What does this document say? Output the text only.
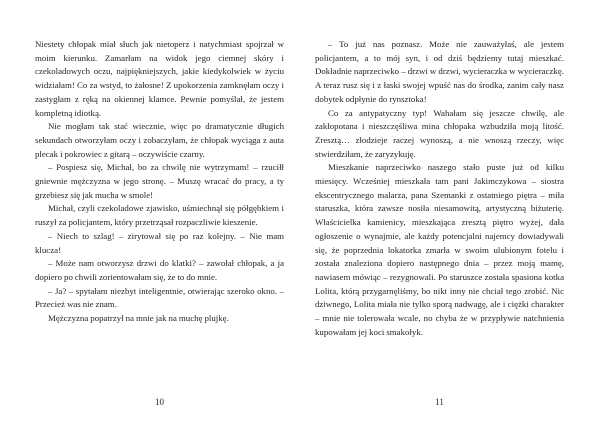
Niestety chłopak miał słuch jak nietoperz i natychmiast spojrzał w moim kierunku. Zamarłam na widok jego ciemnej skóry i czekoladowych oczu, najpiękniejszych, jakie kiedykolwiek w życiu widziałam! Co za wstyd, to żałosne! Z upokorzenia zamknęłam oczy i zastygłam z ręką na okiennej klamce. Pewnie pomyślał, że jestem kompletną idiotką.

Nie mogłam tak stać wiecznie, więc po dramatycznie długich sekundach otworzyłam oczy i zobaczyłam, że chłopak wyciąga z auta plecak i pokrowiec z gitarą – oczywiście czarny.

– Pospiesz się, Michał, bo za chwilę nie wytrzymam! – rzuciłł gniewnie mężczyzna w jego stronę. – Muszę wracać do pracy, a ty grzebiesz się jak mucha w smole!

Michał, czyli czekoladowe zjawisko, uśmiechnął się półgębkiem i ruszył za policjantem, który przetrząsał rozpaczliwie kieszenie.

– Niech to szlag! – zirytował się po raz kolejny. – Nie mam klucza!

– Może nam otworzysz drzwi do klatki? – zawołał chłopak, a ja dopiero po chwili zorientowałam się, że to do mnie.

– Ja? – spytałam niezbyt inteligentnie, otwierając szeroko okno. – Przecież was nie znam.

Mężczyzna popatrzył na mnie jak na muchę plujkę.

10

– To już nas poznasz. Może nie zauważyłaś, ale jestem policjantem, a to mój syn, i od dziś będziemy tutaj mieszkać. Dokładnie naprzeciwko – drzwi w drzwi, wycieraczka w wycieraczkę. A teraz rusz się i z łaski swojej wpuść nas do środka, zanim cały nasz dobytek odpłynie do rynsztoka!

Co za antypatyczny typ! Wahałam się jeszcze chwilę, ale zakłopotana i nieszczęśliwa mina chłopaka wzbudziła moją litość. Zresztą… złodzieje raczej wynoszą, a nie wnoszą rzeczy, więc stwierdziłam, że zaryzykuję.

Mieszkanie naprzeciwko naszego stało puste już od kilku miesięcy. Wcześniej mieszkała tam pani Jakimczykowa – siostra ekscentrycznego malarza, pana Szemanki z ostatniego piętra – miła staruszka, która zawsze nosiła niesamowitą, artystyczną biżuterię. Właścicielka kamienicy, mieszkająca zresztą piętro wyżej, dała ogłoszenie o wynajmie, ale każdy potencjalni najemcy dowiadywali się, że poprzednia lokatorka zmarła w swoim ulubionym fotelu i została znaleziona dopiero następnego dnia – przez moją mamę, nawiasem mówiąc – rezygnowali. Po staruszce została spasiona kotka Lolita, którą przygarnęliśmy, bo nikt inny nie chciał tego zrobić. Nic dziwnego, Lolita miała nie tylko sporą nadwagę, ale i ciężki charakter – mnie nie tolerowała wcale, no chyba że w przypływie natchnienia kupowałam jej koci smakołyk.

11
